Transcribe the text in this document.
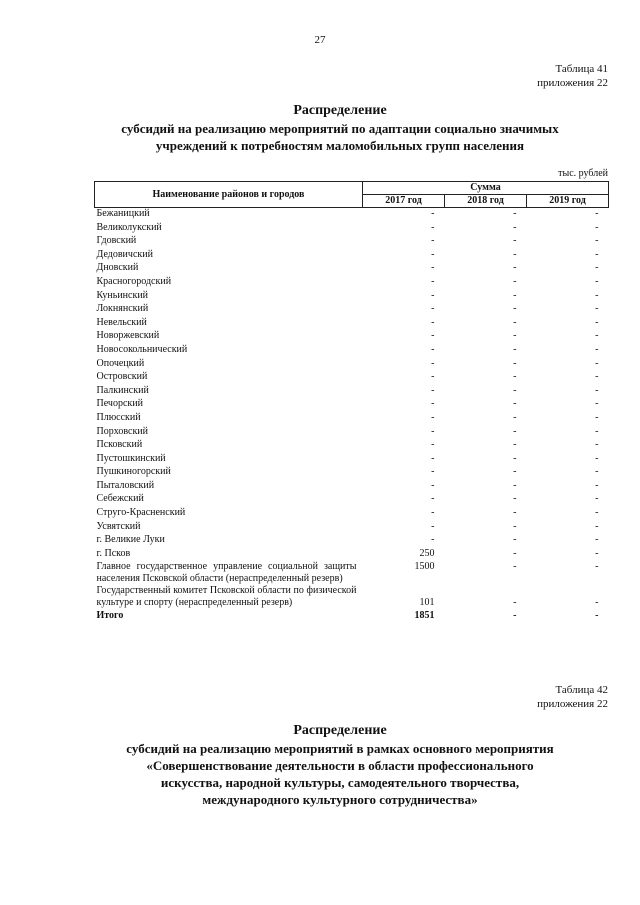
27
Таблица 41
приложения 22
Распределение
субсидий на реализацию мероприятий по адаптации социально значимых
учреждений к потребностям маломобильных групп населения
тыс. рублей
Наименование районов и городов	Сумма		
	2017 год	2018 год	2019 год
Бежаницкий	-	-	-
Великолукский	-	-	-
Гдовский	-	-	-
Дедовичский	-	-	-
Дновский	-	-	-
Красногородский	-	-	-
Куньинский	-	-	-
Локнянский	-	-	-
Невельский	-	-	-
Новоржевский	-	-	-
Новосокольнический	-	-	-
Опочецкий	-	-	-
Островский	-	-	-
Палкинский	-	-	-
Печорский	-	-	-
Плюсский	-	-	-
Порховский	-	-	-
Псковский	-	-	-
Пустошкинский	-	-	-
Пушкиногорский	-	-	-
Пыталовский	-	-	-
Себежский	-	-	-
Струго-Красненский	-	-	-
Усвятский	-	-	-
г. Великие Луки	-	-	-
г. Псков	250	-	-
Главное государственное управление социальной защиты населения Псковской области (нераспределенный резерв)	1500	-	-
Государственный комитет Псковской области по физической культуре и спорту (нераспределенный резерв)	101	-	-
Итого	1851	-	-
Таблица 42
приложения 22
Распределение
субсидий на реализацию мероприятий в рамках основного мероприятия
«Совершенствование деятельности в области профессионального
искусства, народной культуры, самодеятельного творчества,
международного культурного сотрудничества»
